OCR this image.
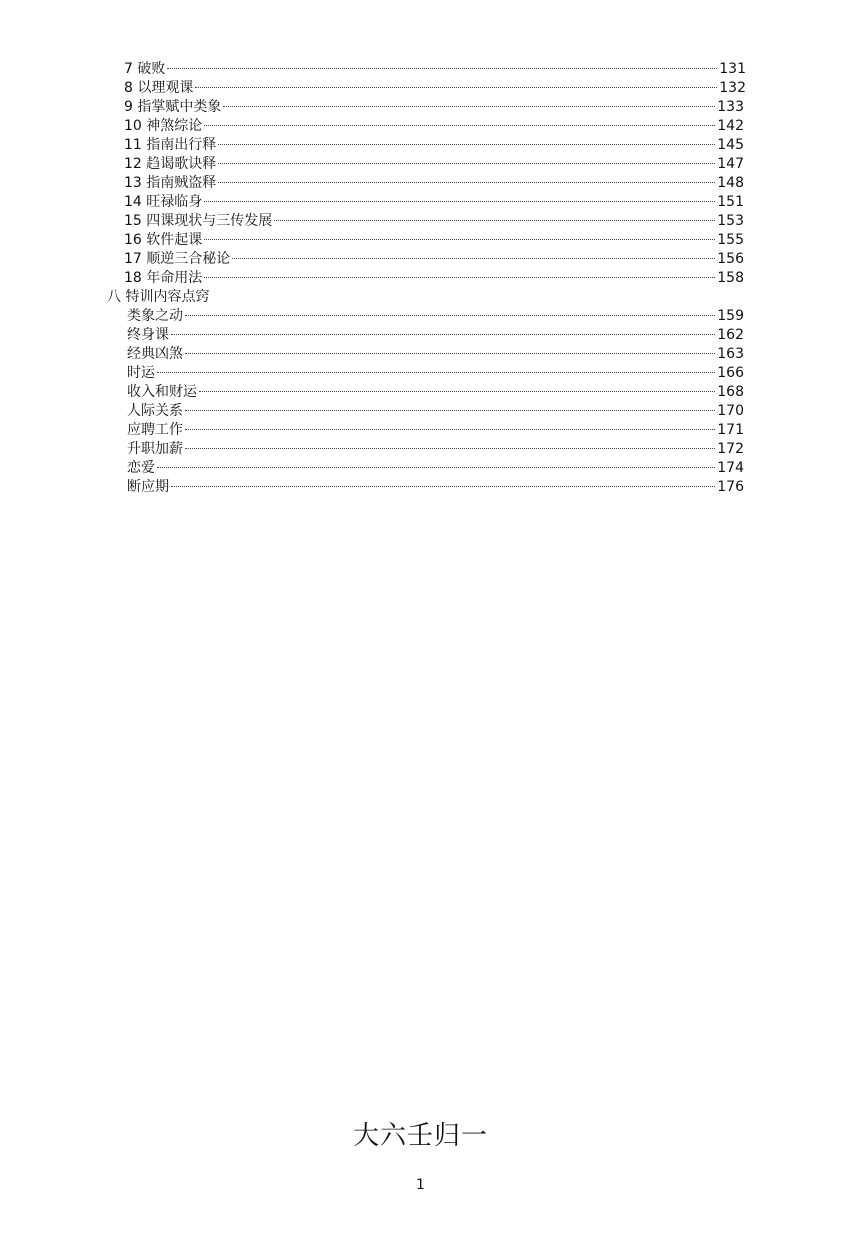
7 破败	131
8 以理观课	132
9 指掌赋中类象	133
10 神煞综论	142
11 指南出行释	145
12 趋谒歌诀释	147
13 指南贼盗释	148
14 旺禄临身	151
15 四课现状与三传发展	153
16 软件起课	155
17 顺逆三合秘论	156
18 年命用法	158
八 特训内容点窍
类象之动	159
终身课	162
经典凶煞	163
时运	166
收入和财运	168
人际关系	170
应聘工作	171
升职加薪	172
恋爱	174
断应期	176
大六壬归一
1
